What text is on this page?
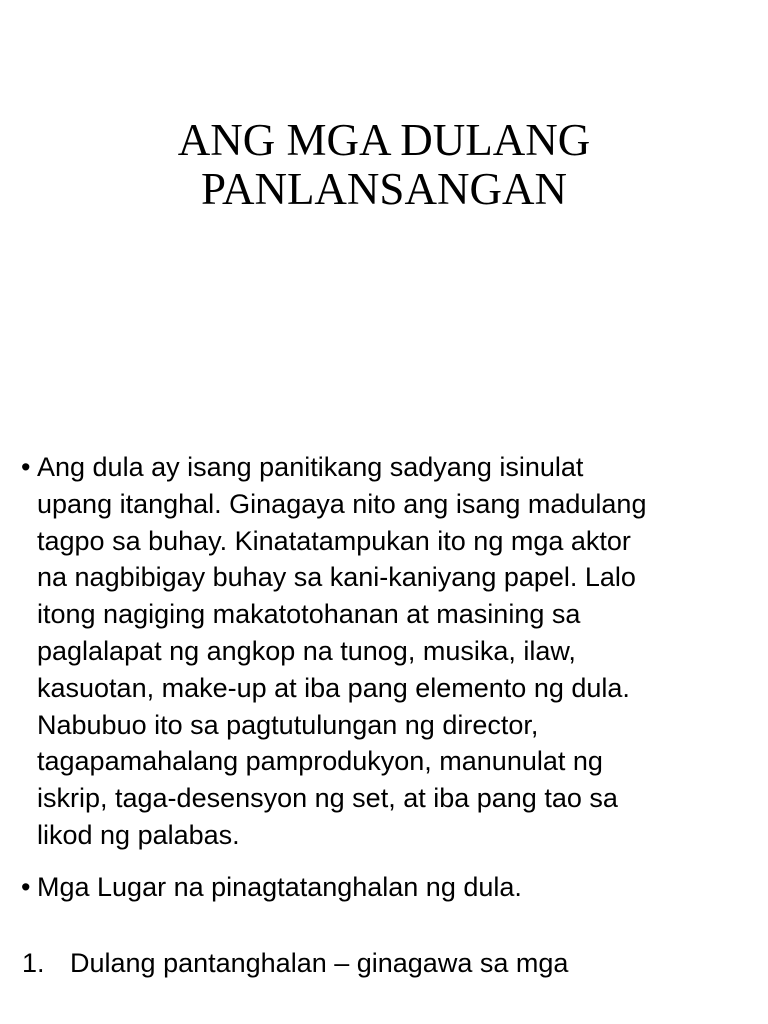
ANG MGA DULANG
PANLANSANGAN
• Ang dula ay isang panitikang sadyang isinulat
upang itanghal. Ginagaya nito ang isang madulang
tagpo sa buhay. Kinatatampukan ito ng mga aktor
na nagbibigay buhay sa kani-kaniyang papel. Lalo
itong nagiging makatotohanan at masining sa
paglalapat ng angkop na tunog, musika, ilaw,
kasuotan, make-up at iba pang elemento ng dula.
Nabubuo ito sa pagtutulungan ng director,
tagapamahalang pamprodukyon, manunulat ng
iskrip, taga-desensyon ng set, at iba pang tao sa
likod ng palabas.
• Mga Lugar na pinagtatanghalan ng dula.
1. Dulang pantanghalan – ginagawa sa mga
